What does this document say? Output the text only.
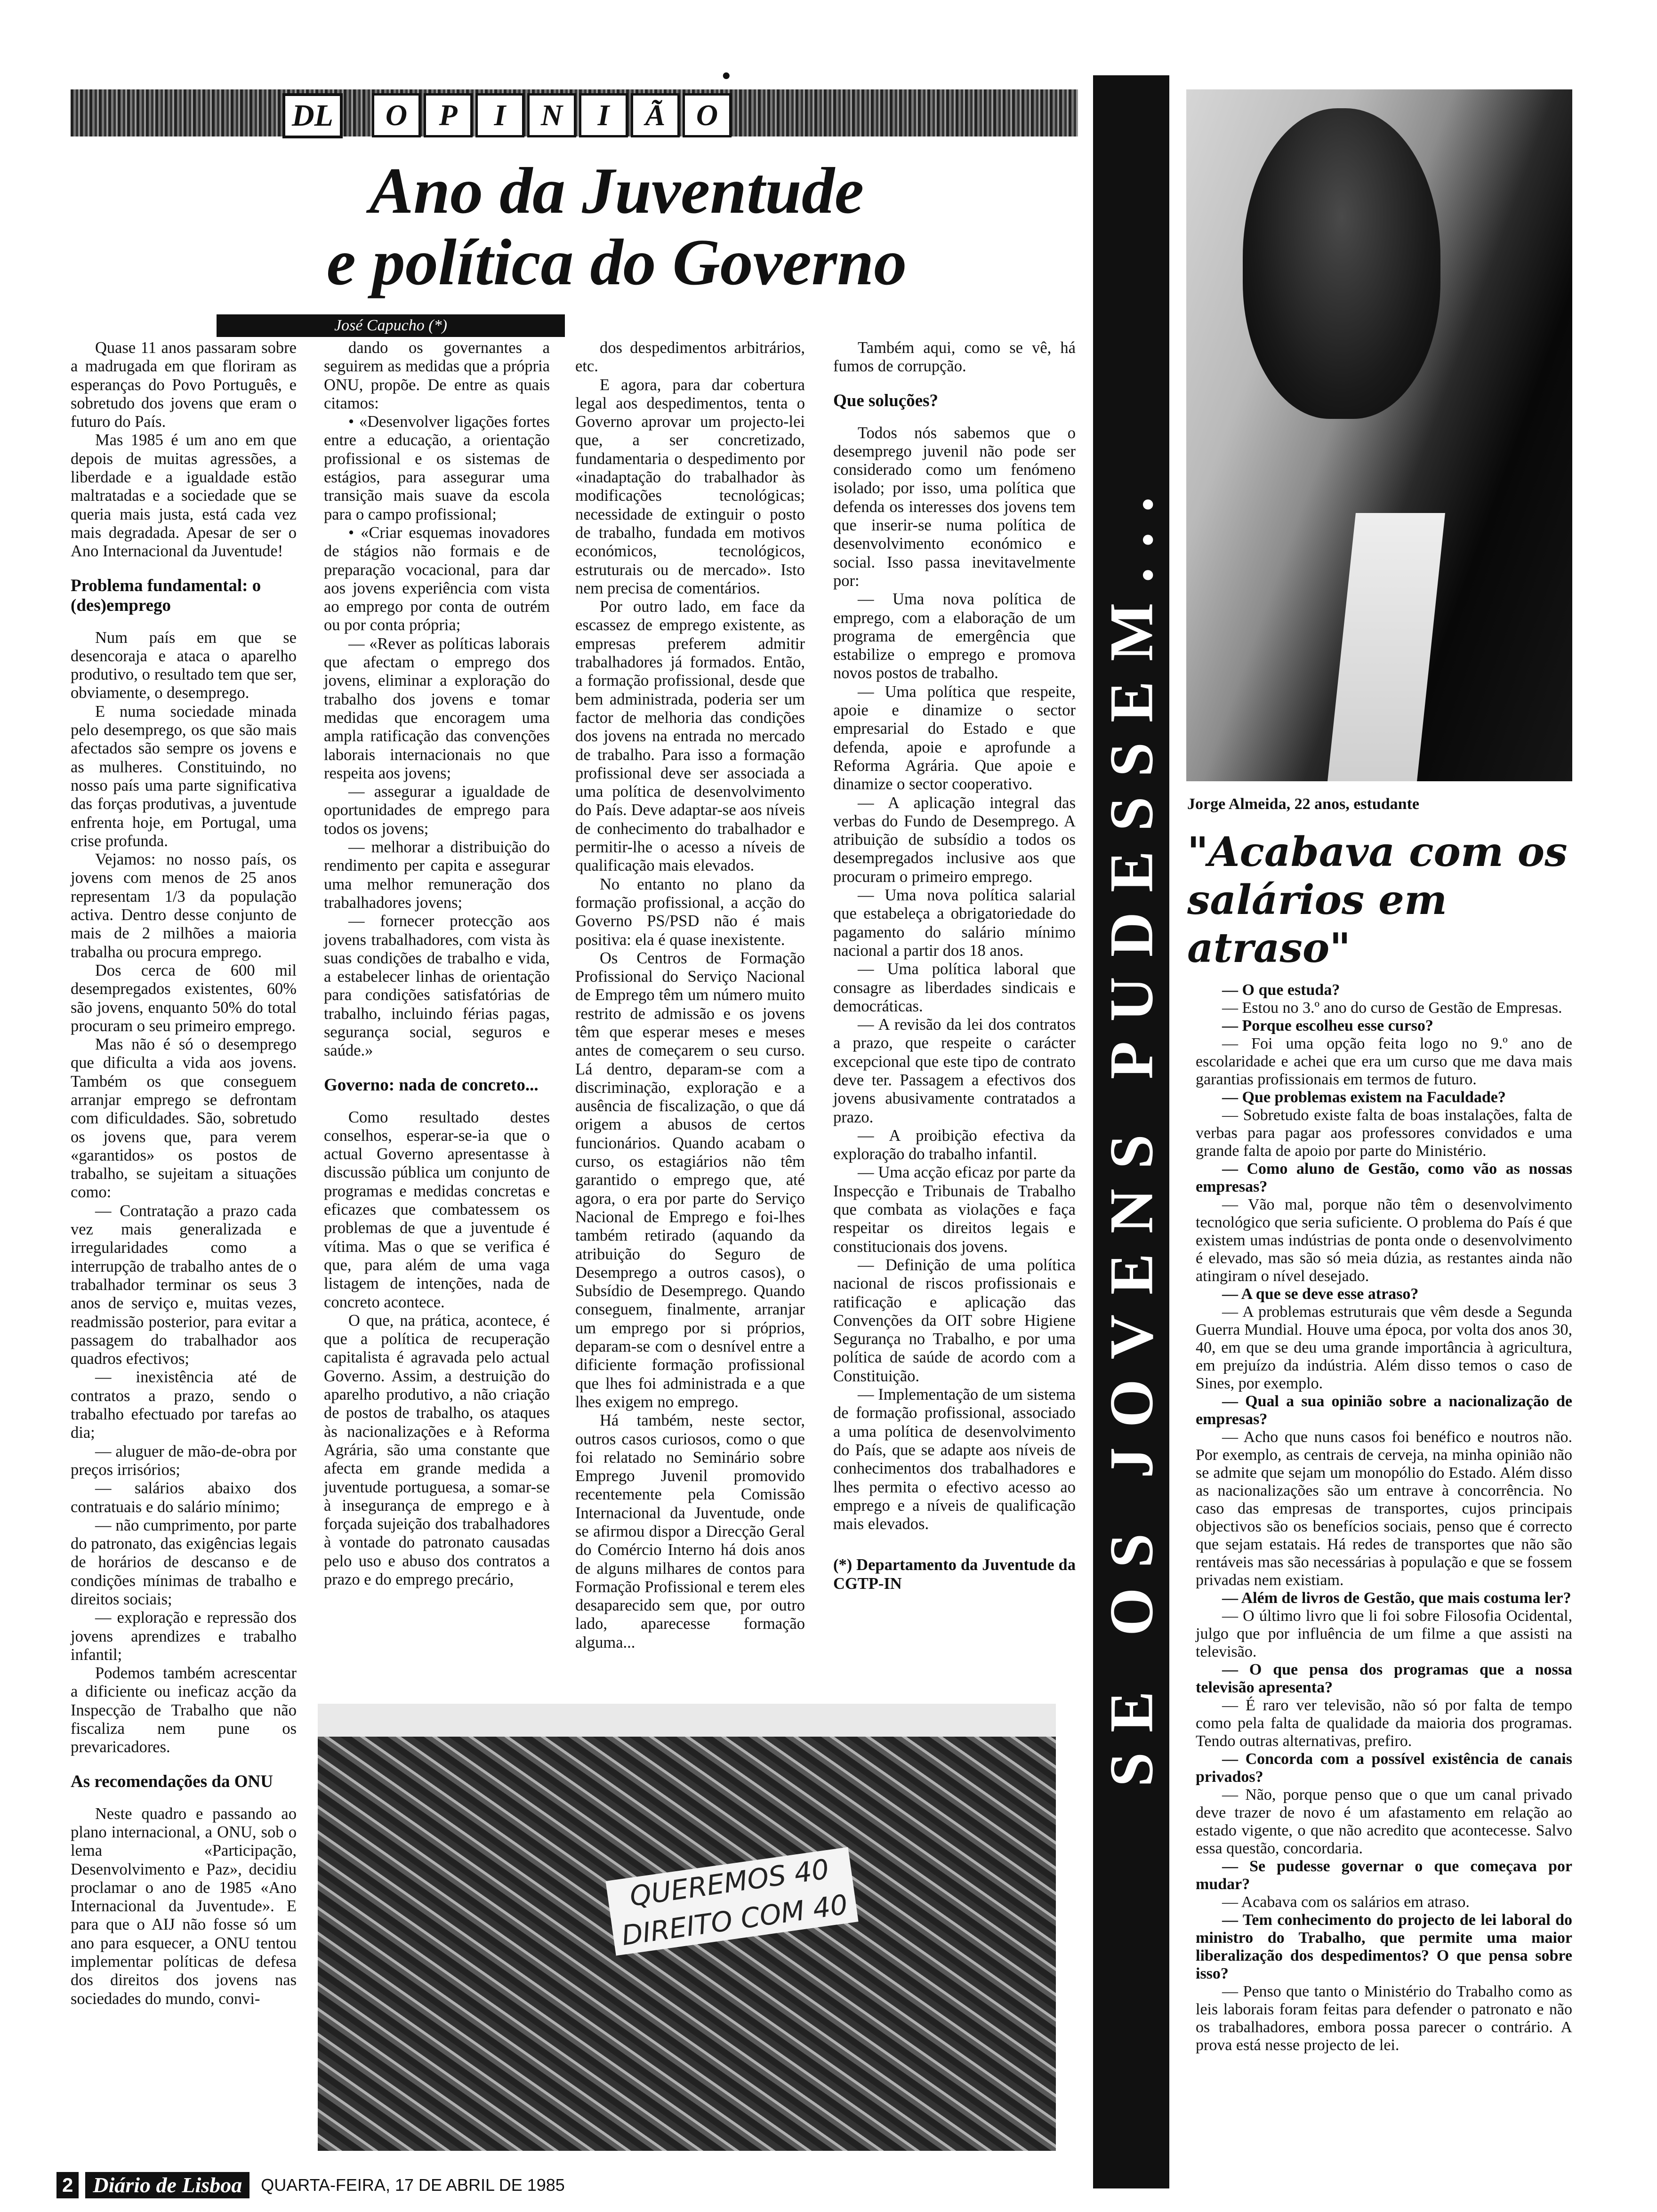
•
DL	O	P	I	N	I	Ã	O
Ano da Juventude
e política do Governo
José Capucho (*)

Quase 11 anos passaram sobre a madrugada em que floriram as esperanças do Povo Português, e sobretudo dos jovens que eram o futuro do País.

Mas 1985 é um ano em que depois de muitas agressões, a liberdade e a igualdade estão maltratadas e a sociedade que se queria mais justa, está cada vez mais degradada. Apesar de ser o Ano Internacional da Juventude!

Problema fundamental: o (des)emprego

Num país em que se desencoraja e ataca o aparelho produtivo, o resultado tem que ser, obviamente, o desemprego.

E numa sociedade minada pelo desemprego, os que são mais afectados são sempre os jovens e as mulheres. Constituindo, no nosso país uma parte significativa das forças produtivas, a juventude enfrenta hoje, em Portugal, uma crise profunda.

Vejamos: no nosso país, os jovens com menos de 25 anos representam 1/3 da população activa. Dentro desse conjunto de mais de 2 milhões a maioria trabalha ou procura emprego.

Dos cerca de 600 mil desempregados existentes, 60% são jovens, enquanto 50% do total procuram o seu primeiro emprego.

Mas não é só o desemprego que dificulta a vida aos jovens. Também os que conseguem arranjar emprego se defrontam com dificuldades. São, sobretudo os jovens que, para verem «garantidos» os postos de trabalho, se sujeitam a situações como:

— Contratação a prazo cada vez mais generalizada e irregularidades como a interrupção de trabalho antes de o trabalhador terminar os seus 3 anos de serviço e, muitas vezes, readmissão posterior, para evitar a passagem do trabalhador aos quadros efectivos;

— inexistência até de contratos a prazo, sendo o trabalho efectuado por tarefas ao dia;

— aluguer de mão-de-obra por preços irrisórios;

— salários abaixo dos contratuais e do salário mínimo;

— não cumprimento, por parte do patronato, das exigências legais de horários de descanso e de condições mínimas de trabalho e direitos sociais;

— exploração e repressão dos jovens aprendizes e trabalho infantil;

Podemos também acrescentar a dificiente ou ineficaz acção da Inspecção de Trabalho que não fiscaliza nem pune os prevaricadores.

As recomendações da ONU

Neste quadro e passando ao plano internacional, a ONU, sob o lema «Participação, Desenvolvimento e Paz», decidiu proclamar o ano de 1985 «Ano Internacional da Juventude». E para que o AIJ não fosse só um ano para esquecer, a ONU tentou implementar políticas de defesa dos direitos dos jovens nas sociedades do mundo, convi-

dando os governantes a seguirem as medidas que a própria ONU, propõe. De entre as quais citamos:

• «Desenvolver ligações fortes entre a educação, a orientação profissional e os sistemas de estágios, para assegurar uma transição mais suave da escola para o campo profissional;

• «Criar esquemas inovadores de stágios não formais e de preparação vocacional, para dar aos jovens experiência com vista ao emprego por conta de outrém ou por conta própria;

— «Rever as políticas laborais que afectam o emprego dos jovens, eliminar a exploração do trabalho dos jovens e tomar medidas que encoragem uma ampla ratificação das convenções laborais internacionais no que respeita aos jovens;

— assegurar a igualdade de oportunidades de emprego para todos os jovens;

— melhorar a distribuição do rendimento per capita e assegurar uma melhor remuneração dos trabalhadores jovens;

— fornecer protecção aos jovens trabalhadores, com vista às suas condições de trabalho e vida, a estabelecer linhas de orientação para condições satisfatórias de trabalho, incluindo férias pagas, segurança social, seguros e saúde.»

Governo: nada de concreto...

Como resultado destes conselhos, esperar-se-ia que o actual Governo apresentasse à discussão pública um conjunto de programas e medidas concretas e eficazes que combatessem os problemas de que a juventude é vítima. Mas o que se verifica é que, para além de uma vaga listagem de intenções, nada de concreto acontece.

O que, na prática, acontece, é que a política de recuperação capitalista é agravada pelo actual Governo. Assim, a destruição do aparelho produtivo, a não criação de postos de trabalho, os ataques às nacionalizações e à Reforma Agrária, são uma constante que afecta em grande medida a juventude portuguesa, a somar-se à insegurança de emprego e à forçada sujeição dos trabalhadores à vontade do patronato causadas pelo uso e abuso dos contratos a prazo e do emprego precário,

dos despedimentos arbitrários, etc.

E agora, para dar cobertura legal aos despedimentos, tenta o Governo aprovar um projecto-lei que, a ser concretizado, fundamentaria o despedimento por «inadaptação do trabalhador às modificações tecnológicas; necessidade de extinguir o posto de trabalho, fundada em motivos económicos, tecnológicos, estruturais ou de mercado». Isto nem precisa de comentários.

Por outro lado, em face da escassez de emprego existente, as empresas preferem admitir trabalhadores já formados. Então, a formação profissional, desde que bem administrada, poderia ser um factor de melhoria das condições dos jovens na entrada no mercado de trabalho. Para isso a formação profissional deve ser associada a uma política de desenvolvimento do País. Deve adaptar-se aos níveis de conhecimento do trabalhador e permitir-lhe o acesso a níveis de qualificação mais elevados.

No entanto no plano da formação profissional, a acção do Governo PS/PSD não é mais positiva: ela é quase inexistente.

Os Centros de Formação Profissional do Serviço Nacional de Emprego têm um número muito restrito de admissão e os jovens têm que esperar meses e meses antes de começarem o seu curso. Lá dentro, deparam-se com a discriminação, exploração e a ausência de fiscalização, o que dá origem a abusos de certos funcionários. Quando acabam o curso, os estagiários não têm garantido o emprego que, até agora, o era por parte do Serviço Nacional de Emprego e foi-lhes também retirado (aquando da atribuição do Seguro de Desemprego a outros casos), o Subsídio de Desemprego. Quando conseguem, finalmente, arranjar um emprego por si próprios, deparam-se com o desnível entre a dificiente formação profissional que lhes foi administrada e a que lhes exigem no emprego.

Há também, neste sector, outros casos curiosos, como o que foi relatado no Seminário sobre Emprego Juvenil promovido recentemente pela Comissão Internacional da Juventude, onde se afirmou dispor a Direcção Geral do Comércio Interno há dois anos de alguns milhares de contos para Formação Profissional e terem eles desaparecido sem que, por outro lado, aparecesse formação alguma...

Também aqui, como se vê, há fumos de corrupção.

Que soluções?

Todos nós sabemos que o desemprego juvenil não pode ser considerado como um fenómeno isolado; por isso, uma política que defenda os interesses dos jovens tem que inserir-se numa política de desenvolvimento económico e social. Isso passa inevitavelmente por:

— Uma nova política de emprego, com a elaboração de um programa de emergência que estabilize o emprego e promova novos postos de trabalho.

— Uma política que respeite, apoie e dinamize o sector empresarial do Estado e que defenda, apoie e aprofunde a Reforma Agrária. Que apoie e dinamize o sector cooperativo.

— A aplicação integral das verbas do Fundo de Desemprego. A atribuição de subsídio a todos os desempregados inclusive aos que procuram o primeiro emprego.

— Uma nova política salarial que estabeleça a obrigatoriedade do pagamento do salário mínimo nacional a partir dos 18 anos.

— Uma política laboral que consagre as liberdades sindicais e democráticas.

— A revisão da lei dos contratos a prazo, que respeite o carácter excepcional que este tipo de contrato deve ter. Passagem a efectivos dos jovens abusivamente contratados a prazo.

— A proibição efectiva da exploração do trabalho infantil.

— Uma acção eficaz por parte da Inspecção e Tribunais de Trabalho que combata as violações e faça respeitar os direitos legais e constitucionais dos jovens.

— Definição de uma política nacional de riscos profissionais e ratificação e aplicação das Convenções da OIT sobre Higiene Segurança no Trabalho, e por uma política de saúde de acordo com a Constituição.

— Implementação de um sistema de formação profissional, associado a uma política de desenvolvimento do País, que se adapte aos níveis de conhecimentos dos trabalhadores e lhes permita o efectivo acesso ao emprego e a níveis de qualificação mais elevados.

(*) Departamento da Juventude da CGTP-IN	SE OS JOVENS PUDESSEM... Jorge Almeida, 22 anos, estudante
"Acabava com os salários em atraso"

— O que estuda?

— Estou no 3.º ano do curso de Gestão de Empresas.

— Porque escolheu esse curso?

— Foi uma opção feita logo no 9.º ano de escolaridade e achei que era um curso que me dava mais garantias profissionais em termos de futuro.

— Que problemas existem na Faculdade?

— Sobretudo existe falta de boas instalações, falta de verbas para pagar aos professores convidados e uma grande falta de apoio por parte do Ministério.

— Como aluno de Gestão, como vão as nossas empresas?

— Vão mal, porque não têm o desenvolvimento tecnológico que seria suficiente. O problema do País é que existem umas indústrias de ponta onde o desenvolvimento é elevado, mas são só meia dúzia, as restantes ainda não atingiram o nível desejado.

— A que se deve esse atraso?

— A problemas estruturais que vêm desde a Segunda Guerra Mundial. Houve uma época, por volta dos anos 30, 40, em que se deu uma grande importância à agricultura, em prejuízo da indústria. Além disso temos o caso de Sines, por exemplo.

— Qual a sua opinião sobre a nacionalização de empresas?

— Acho que nuns casos foi benéfico e noutros não. Por exemplo, as centrais de cerveja, na minha opinião não se admite que sejam um monopólio do Estado. Além disso as nacionalizações são um entrave à concorrência. No caso das empresas de transportes, cujos principais objectivos são os benefícios sociais, penso que é correcto que sejam estatais. Há redes de transportes que não são rentáveis mas são necessárias à população e que se fossem privadas nem existiam.

— Além de livros de Gestão, que mais costuma ler?

— O último livro que li foi sobre Filosofia Ocidental, julgo que por influência de um filme a que assisti na televisão.

— O que pensa dos programas que a nossa televisão apresenta?

— É raro ver televisão, não só por falta de tempo como pela falta de qualidade da maioria dos programas. Tendo outras alternativas, prefiro.

— Concorda com a possível existência de canais privados?

— Não, porque penso que o que um canal privado deve trazer de novo é um afastamento em relação ao estado vigente, o que não acredito que acontecesse. Salvo essa questão, concordaria.

— Se pudesse governar o que começava por mudar?

— Acabava com os salários em atraso.

— Tem conhecimento do projecto de lei laboral do ministro do Trabalho, que permite uma maior liberalização dos despedimentos? O que pensa sobre isso?

— Penso que tanto o Ministério do Trabalho como as leis laborais foram feitas para defender o patronato e não os trabalhadores, embora possa parecer o contrário. A prova está nesse projecto de lei.

QUEREMOS 40 DIREITO COM 40
2 Diário de Lisboa	QUARTA-FEIRA, 17 DE ABRIL DE 1985
